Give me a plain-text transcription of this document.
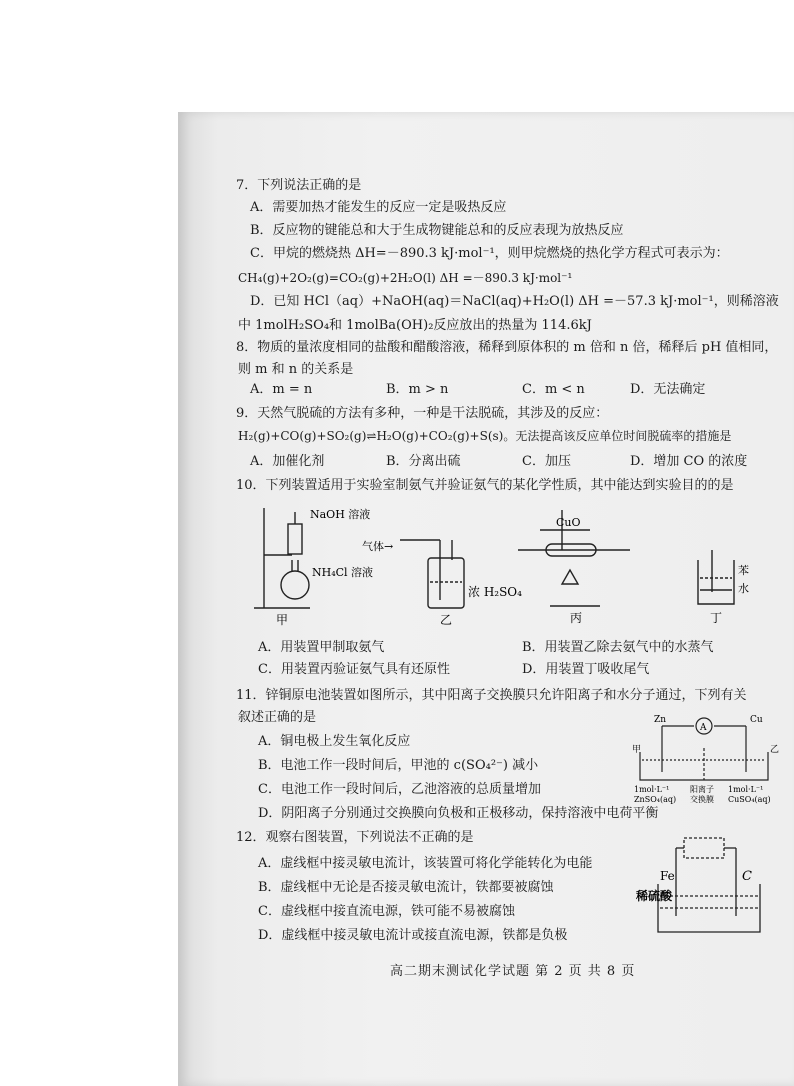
7．下列说法正确的是
A．需要加热才能发生的反应一定是吸热反应
B．反应物的键能总和大于生成物键能总和的反应表现为放热反应
C．甲烷的燃烧热 ΔH=－890.3 kJ·mol⁻¹，则甲烷燃烧的热化学方程式可表示为：
CH₄(g)+2O₂(g)=CO₂(g)+2H₂O(l) ΔH =－890.3 kJ·mol⁻¹
D．已知 HCl（aq）+NaOH(aq)＝NaCl(aq)+H₂O(l) ΔH =－57.3 kJ·mol⁻¹，则稀溶液
中 1molH₂SO₄和 1molBa(OH)₂反应放出的热量为 114.6kJ
8．物质的量浓度相同的盐酸和醋酸溶液，稀释到原体积的 m 倍和 n 倍，稀释后 pH 值相同，
则 m 和 n 的关系是
A．m = n	B．m > n	C．m < n	D．无法确定
9．天然气脱硫的方法有多种，一种是干法脱硫，其涉及的反应：
H₂(g)+CO(g)+SO₂(g)⇌H₂O(g)+CO₂(g)+S(s)。无法提高该反应单位时间脱硫率的措施是
A．加催化剂	B．分离出硫	C．加压	D．增加 CO 的浓度
10．下列装置适用于实验室制氨气并验证氨气的某化学性质，其中能达到实验目的的是
NaOH 溶液
NH₄Cl 溶液
气体→
浓 H₂SO₄
CuO
苯
水
甲	乙	丙	丁
A．用装置甲制取氨气	B．用装置乙除去氨气中的水蒸气
C．用装置丙验证氨气具有还原性	D．用装置丁吸收尾气
11．锌铜原电池装置如图所示，其中阳离子交换膜只允许阳离子和水分子通过，下列有关
叙述正确的是
A．铜电极上发生氧化反应
B．电池工作一段时间后，甲池的 c(SO₄²⁻) 减小
C．电池工作一段时间后，乙池溶液的总质量增加
D．阴阳离子分别通过交换膜向负极和正极移动，保持溶液中电荷平衡
Zn	Cu
A
甲	乙
1mol·L⁻¹
ZnSO₄(aq)
阳离子
交换膜
1mol·L⁻¹
CuSO₄(aq)
12．观察右图装置，下列说法不正确的是
A．虚线框中接灵敏电流计，该装置可将化学能转化为电能
B．虚线框中无论是否接灵敏电流计，铁都要被腐蚀
C．虚线框中接直流电源，铁可能不易被腐蚀
D．虚线框中接灵敏电流计或接直流电源，铁都是负极
Fe	C
稀硫酸
高二期末测试化学试题 第 2 页 共 8 页
